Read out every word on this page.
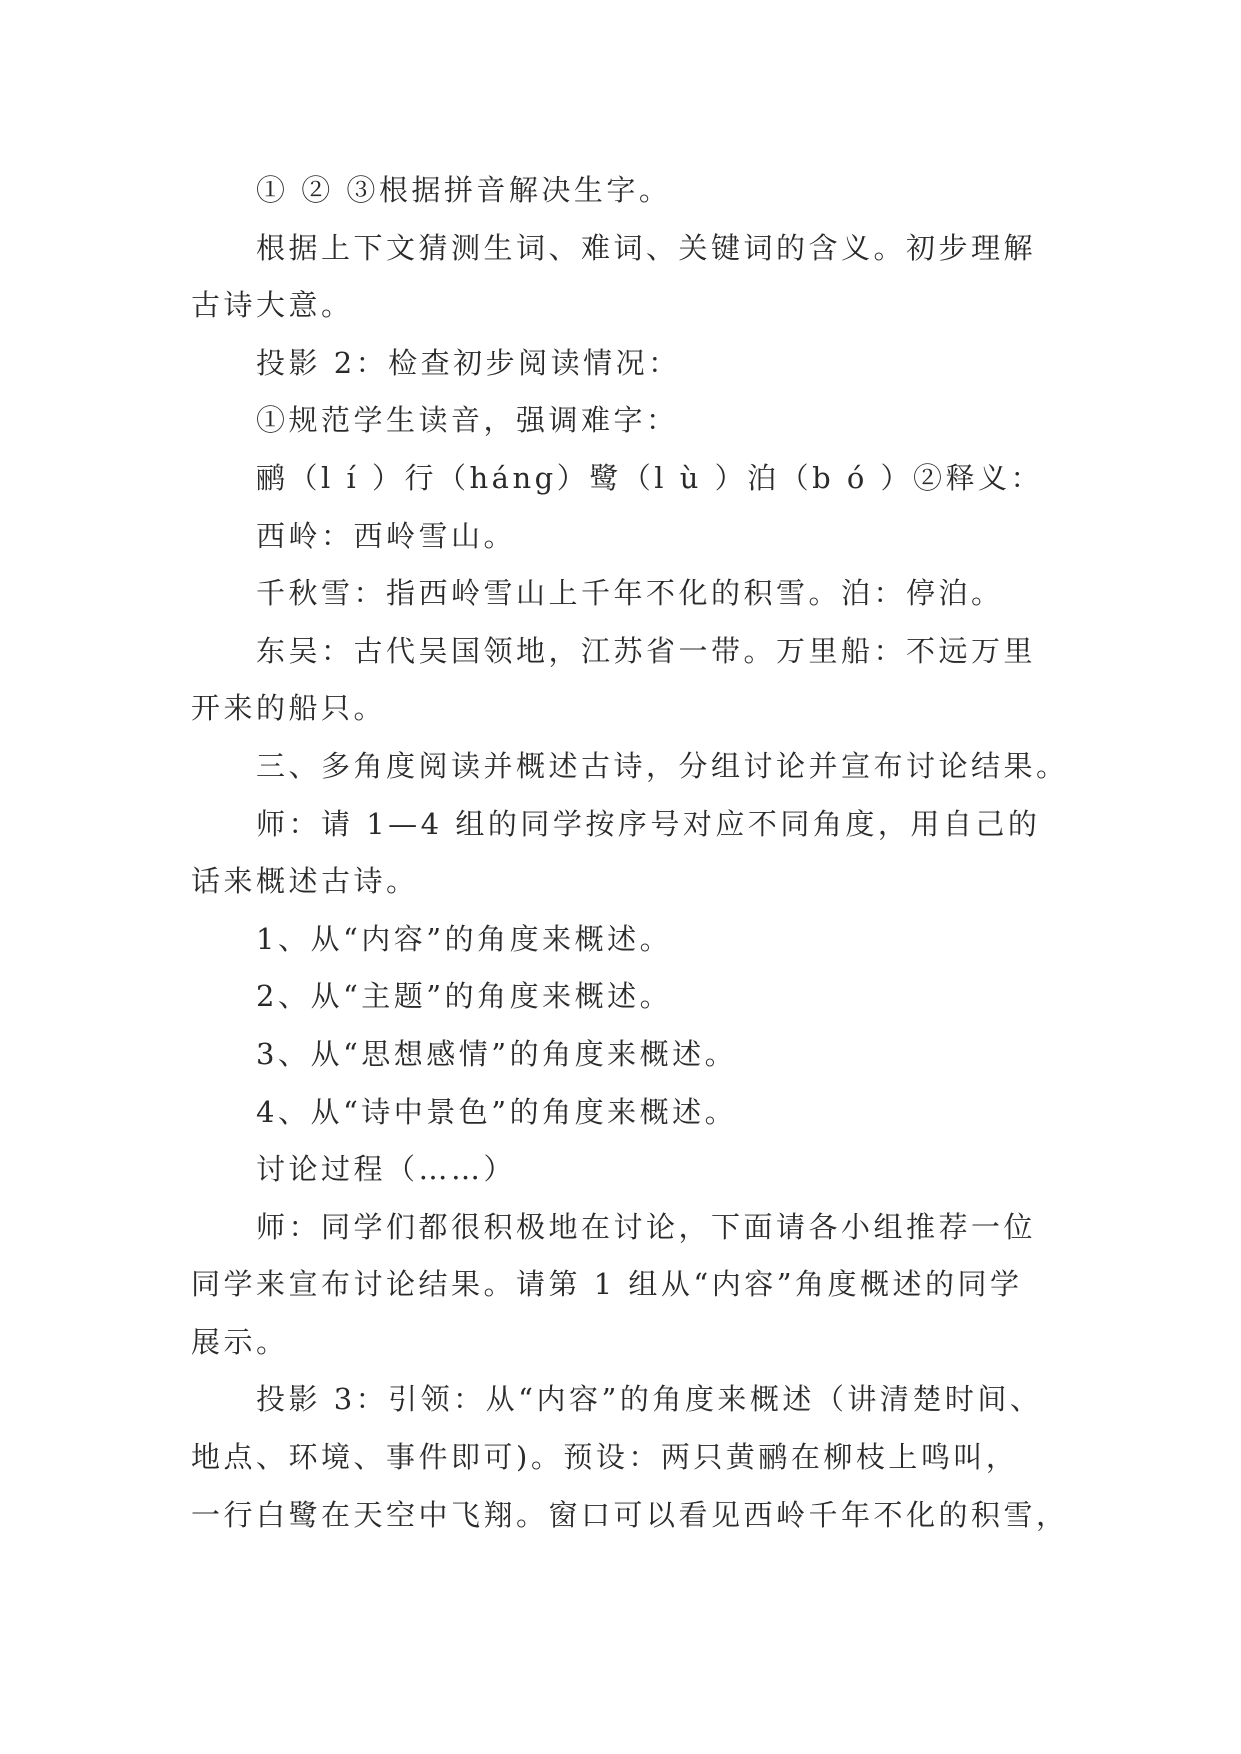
① ② ③根据拼音解决生字。
根据上下文猜测生词、难词、关键词的含义。初步理解
古诗大意。
投影 2：检查初步阅读情况：
①规范学生读音，强调难字：
鹂（l í ）行（háng）鹭（l ù ）泊（b ó ）②释义：
西岭：西岭雪山。
千秋雪：指西岭雪山上千年不化的积雪。泊：停泊。
东吴：古代吴国领地，江苏省一带。万里船：不远万里
开来的船只。
三、多角度阅读并概述古诗，分组讨论并宣布讨论结果。
师：请 1—4 组的同学按序号对应不同角度，用自己的
话来概述古诗。
1、从“内容”的角度来概述。
2、从“主题”的角度来概述。
3、从“思想感情”的角度来概述。
4、从“诗中景色”的角度来概述。
讨论过程（……）
师：同学们都很积极地在讨论，下面请各小组推荐一位
同学来宣布讨论结果。请第 1 组从“内容”角度概述的同学
展示。
投影 3：引领：从“内容”的角度来概述（讲清楚时间、
地点、环境、事件即可)。预设：两只黄鹂在柳枝上鸣叫，
一行白鹭在天空中飞翔。窗口可以看见西岭千年不化的积雪，
